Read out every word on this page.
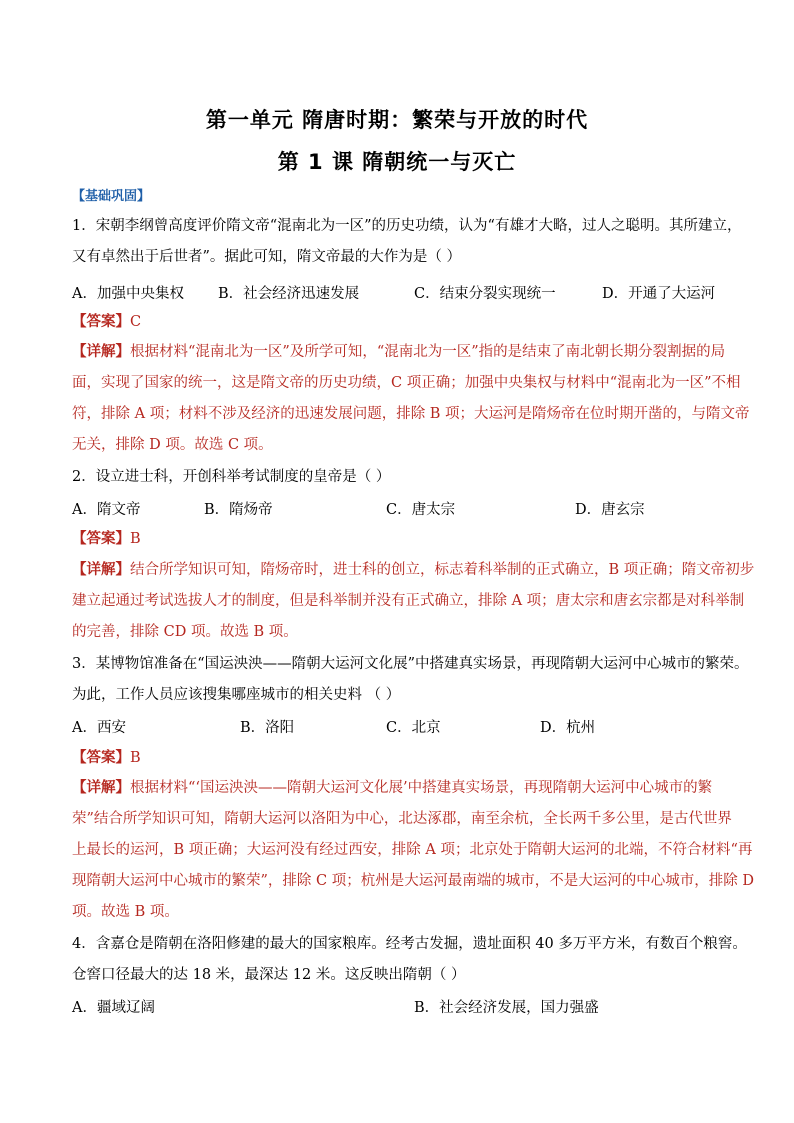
第一单元 隋唐时期：繁荣与开放的时代
第 1 课 隋朝统一与灭亡
【基础巩固】
1．宋朝李纲曾高度评价隋文帝“混南北为一区”的历史功绩，认为“有雄才大略，过人之聪明。其所建立，
又有卓然出于后世者”。据此可知，隋文帝最的大作为是（ ）
A．加强中央集权 B．社会经济迅速发展	C．结束分裂实现统一	D．开通了大运河
【答案】C
【详解】根据材料“混南北为一区”及所学可知，“混南北为一区”指的是结束了南北朝长期分裂割据的局
面，实现了国家的统一，这是隋文帝的历史功绩，C 项正确；加强中央集权与材料中“混南北为一区”不相
符，排除 A 项；材料不涉及经济的迅速发展问题，排除 B 项；大运河是隋炀帝在位时期开凿的，与隋文帝
无关，排除 D 项。故选 C 项。
2．设立进士科，开创科举考试制度的皇帝是（ ）
A．隋文帝	B．隋炀帝	C．唐太宗	D．唐玄宗
【答案】B
【详解】结合所学知识可知，隋炀帝时，进士科的创立，标志着科举制的正式确立，B 项正确；隋文帝初步
建立起通过考试选拔人才的制度，但是科举制并没有正式确立，排除 A 项；唐太宗和唐玄宗都是对科举制
的完善，排除 CD 项。故选 B 项。
3．某博物馆准备在“国运泱泱——隋朝大运河文化展”中搭建真实场景，再现隋朝大运河中心城市的繁荣。
为此，工作人员应该搜集哪座城市的相关史料 （ ）
A．西安	B．洛阳	C．北京	D．杭州
【答案】B
【详解】根据材料“‘国运泱泱——隋朝大运河文化展’中搭建真实场景，再现隋朝大运河中心城市的繁
荣”结合所学知识可知，隋朝大运河以洛阳为中心，北达涿郡，南至余杭，全长两千多公里，是古代世界
上最长的运河，B 项正确；大运河没有经过西安，排除 A 项；北京处于隋朝大运河的北端，不符合材料“再
现隋朝大运河中心城市的繁荣”，排除 C 项；杭州是大运河最南端的城市，不是大运河的中心城市，排除 D
项。故选 B 项。
4．含嘉仓是隋朝在洛阳修建的最大的国家粮库。经考古发掘，遗址面积 40 多万平方米，有数百个粮窖。
仓窖口径最大的达 18 米，最深达 12 米。这反映出隋朝（ ）
A．疆域辽阔	B．社会经济发展，国力强盛
